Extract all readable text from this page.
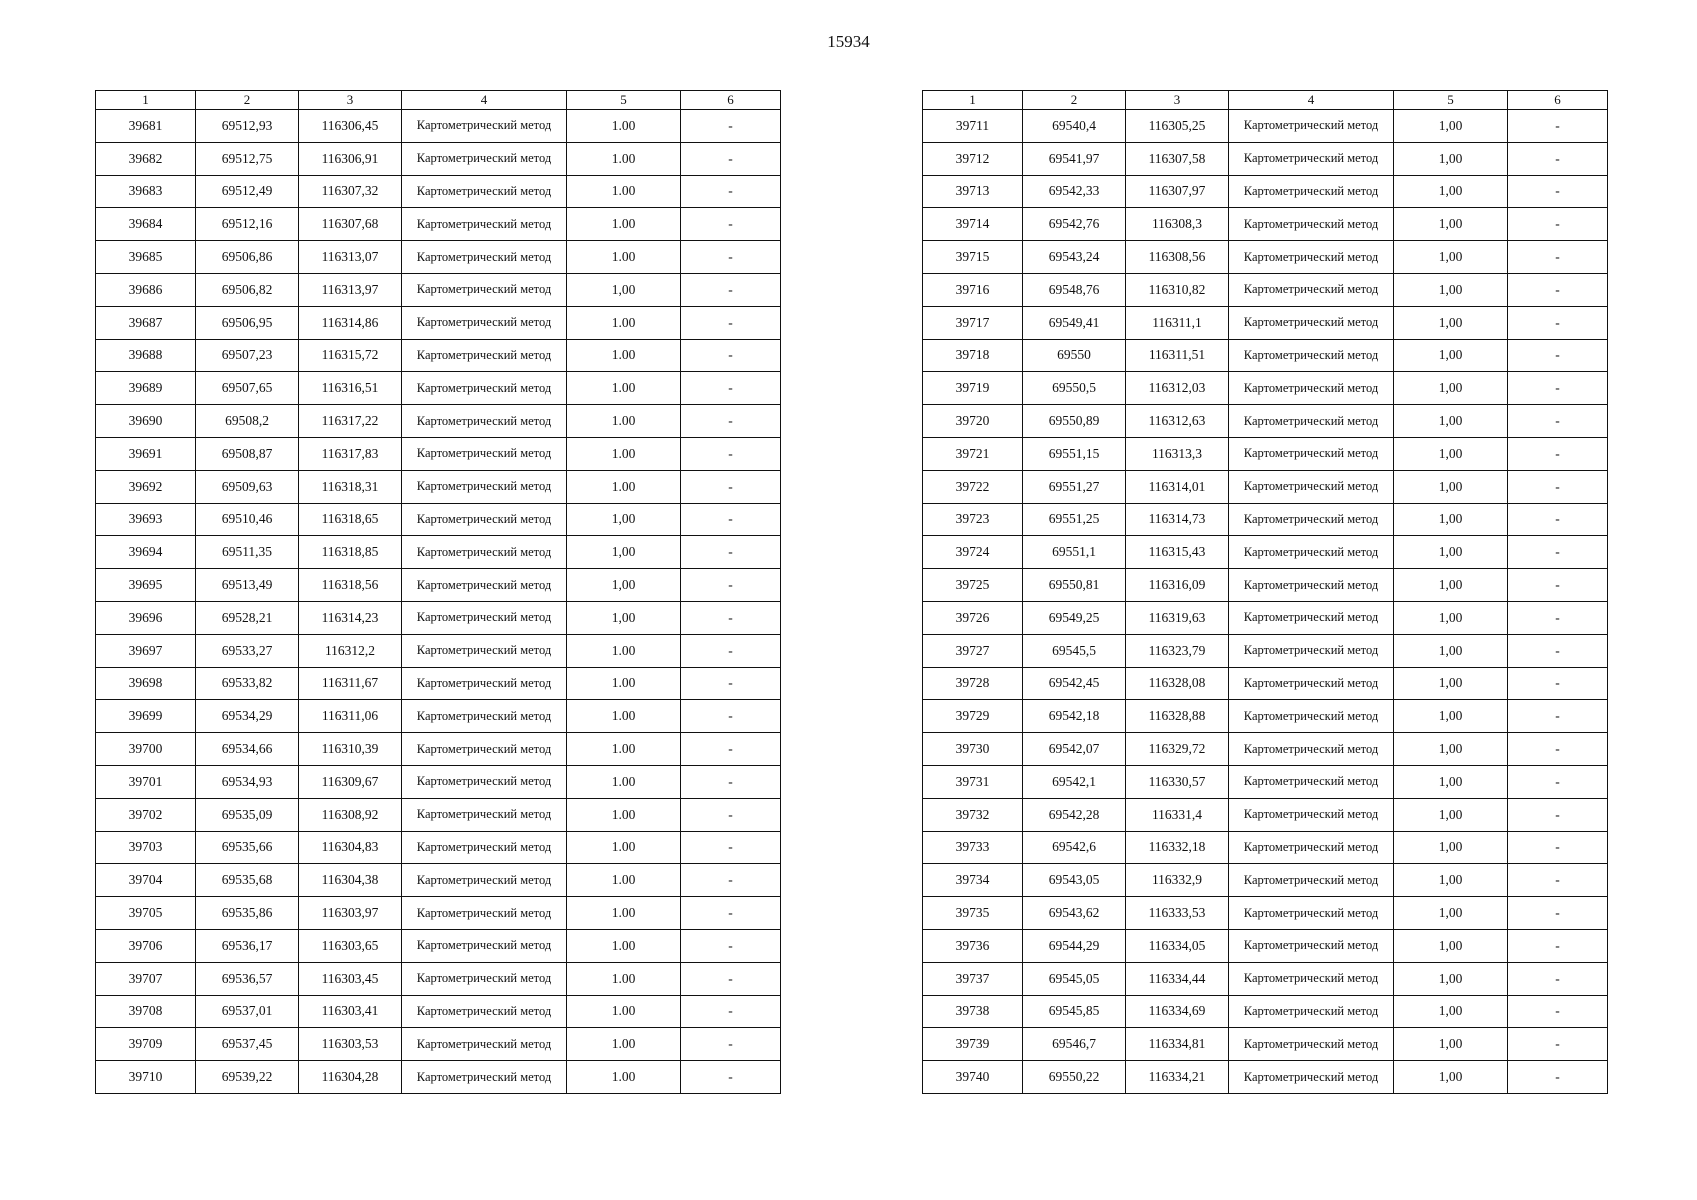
15934
1	2	3	4	5	6
39681	69512,93	116306,45	Картометрический метод	1.00	-
39682	69512,75	116306,91	Картометрический метод	1.00	-
39683	69512,49	116307,32	Картометрический метод	1.00	-
39684	69512,16	116307,68	Картометрический метод	1.00	-
39685	69506,86	116313,07	Картометрический метод	1.00	-
39686	69506,82	116313,97	Картометрический метод	1,00	-
39687	69506,95	116314,86	Картометрический метод	1.00	-
39688	69507,23	116315,72	Картометрический метод	1.00	-
39689	69507,65	116316,51	Картометрический метод	1.00	-
39690	69508,2	116317,22	Картометрический метод	1.00	-
39691	69508,87	116317,83	Картометрический метод	1.00	-
39692	69509,63	116318,31	Картометрический метод	1.00	-
39693	69510,46	116318,65	Картометрический метод	1,00	-
39694	69511,35	116318,85	Картометрический метод	1,00	-
39695	69513,49	116318,56	Картометрический метод	1,00	-
39696	69528,21	116314,23	Картометрический метод	1,00	-
39697	69533,27	116312,2	Картометрический метод	1.00	-
39698	69533,82	116311,67	Картометрический метод	1.00	-
39699	69534,29	116311,06	Картометрический метод	1.00	-
39700	69534,66	116310,39	Картометрический метод	1.00	-
39701	69534,93	116309,67	Картометрический метод	1.00	-
39702	69535,09	116308,92	Картометрический метод	1.00	-
39703	69535,66	116304,83	Картометрический метод	1.00	-
39704	69535,68	116304,38	Картометрический метод	1.00	-
39705	69535,86	116303,97	Картометрический метод	1.00	-
39706	69536,17	116303,65	Картометрический метод	1.00	-
39707	69536,57	116303,45	Картометрический метод	1.00	-
39708	69537,01	116303,41	Картометрический метод	1.00	-
39709	69537,45	116303,53	Картометрический метод	1.00	-
39710	69539,22	116304,28	Картометрический метод	1.00	-
1	2	3	4	5	6
39711	69540,4	116305,25	Картометрический метод	1,00	-
39712	69541,97	116307,58	Картометрический метод	1,00	-
39713	69542,33	116307,97	Картометрический метод	1,00	-
39714	69542,76	116308,3	Картометрический метод	1,00	-
39715	69543,24	116308,56	Картометрический метод	1,00	-
39716	69548,76	116310,82	Картометрический метод	1,00	-
39717	69549,41	116311,1	Картометрический метод	1,00	-
39718	69550	116311,51	Картометрический метод	1,00	-
39719	69550,5	116312,03	Картометрический метод	1,00	-
39720	69550,89	116312,63	Картометрический метод	1,00	-
39721	69551,15	116313,3	Картометрический метод	1,00	-
39722	69551,27	116314,01	Картометрический метод	1,00	-
39723	69551,25	116314,73	Картометрический метод	1,00	-
39724	69551,1	116315,43	Картометрический метод	1,00	-
39725	69550,81	116316,09	Картометрический метод	1,00	-
39726	69549,25	116319,63	Картометрический метод	1,00	-
39727	69545,5	116323,79	Картометрический метод	1,00	-
39728	69542,45	116328,08	Картометрический метод	1,00	-
39729	69542,18	116328,88	Картометрический метод	1,00	-
39730	69542,07	116329,72	Картометрический метод	1,00	-
39731	69542,1	116330,57	Картометрический метод	1,00	-
39732	69542,28	116331,4	Картометрический метод	1,00	-
39733	69542,6	116332,18	Картометрический метод	1,00	-
39734	69543,05	116332,9	Картометрический метод	1,00	-
39735	69543,62	116333,53	Картометрический метод	1,00	-
39736	69544,29	116334,05	Картометрический метод	1,00	-
39737	69545,05	116334,44	Картометрический метод	1,00	-
39738	69545,85	116334,69	Картометрический метод	1,00	-
39739	69546,7	116334,81	Картометрический метод	1,00	-
39740	69550,22	116334,21	Картометрический метод	1,00	-
